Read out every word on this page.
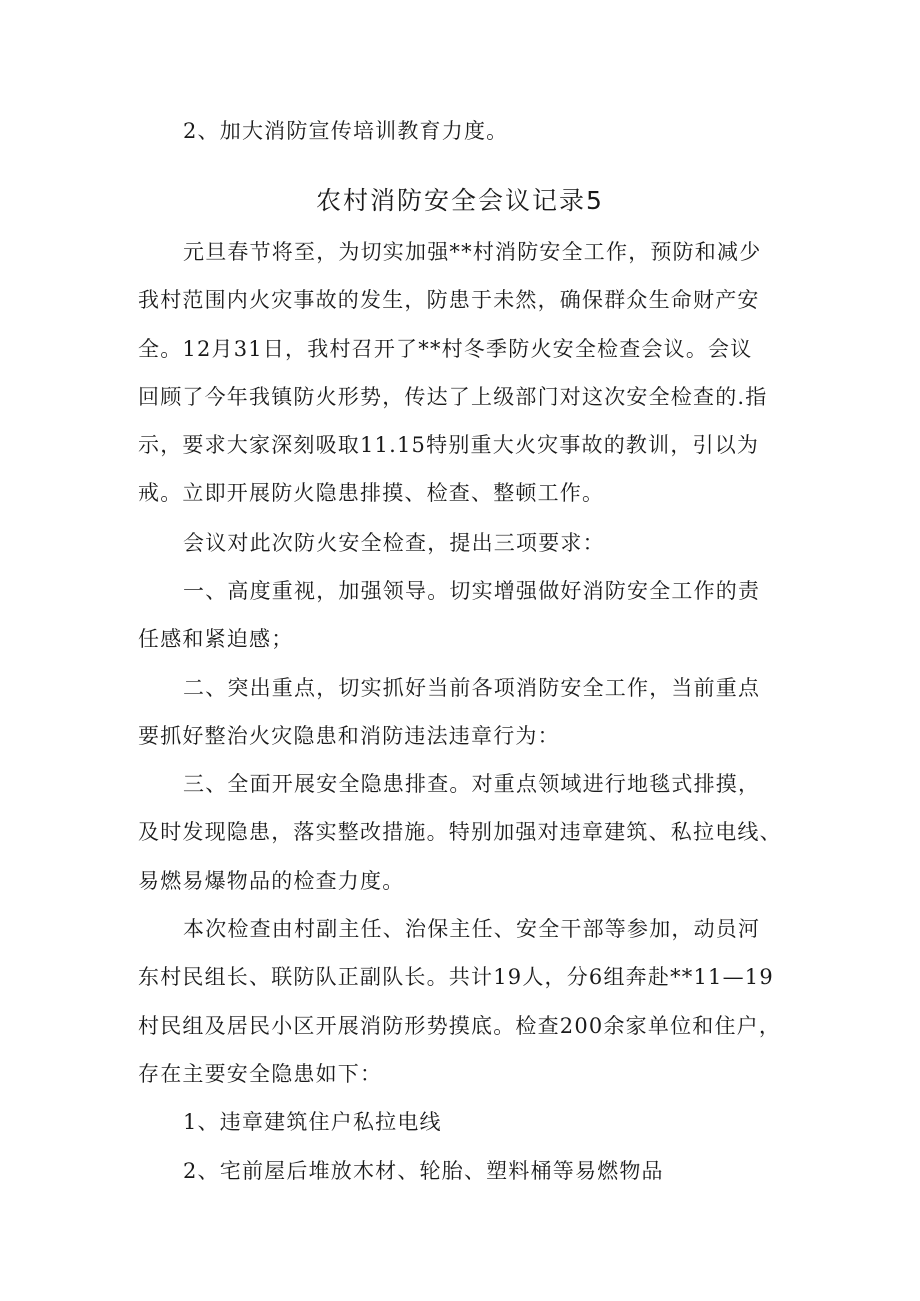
2、加大消防宣传培训教育力度。
农村消防安全会议记录5
元旦春节将至，为切实加强**村消防安全工作，预防和减少
我村范围内火灾事故的发生，防患于未然，确保群众生命财产安
全。12月31日，我村召开了**村冬季防火安全检查会议。会议
回顾了今年我镇防火形势，传达了上级部门对这次安全检查的.指
示，要求大家深刻吸取11.15特别重大火灾事故的教训，引以为
戒。立即开展防火隐患排摸、检查、整顿工作。
会议对此次防火安全检查，提出三项要求：
一、高度重视，加强领导。切实增强做好消防安全工作的责
任感和紧迫感；
二、突出重点，切实抓好当前各项消防安全工作，当前重点
要抓好整治火灾隐患和消防违法违章行为：
三、全面开展安全隐患排查。对重点领域进行地毯式排摸，
及时发现隐患，落实整改措施。特别加强对违章建筑、私拉电线、
易燃易爆物品的检查力度。
本次检查由村副主任、治保主任、安全干部等参加，动员河
东村民组长、联防队正副队长。共计19人，分6组奔赴**11—19
村民组及居民小区开展消防形势摸底。检查200余家单位和住户，
存在主要安全隐患如下：
1、违章建筑住户私拉电线
2、宅前屋后堆放木材、轮胎、塑料桶等易燃物品
